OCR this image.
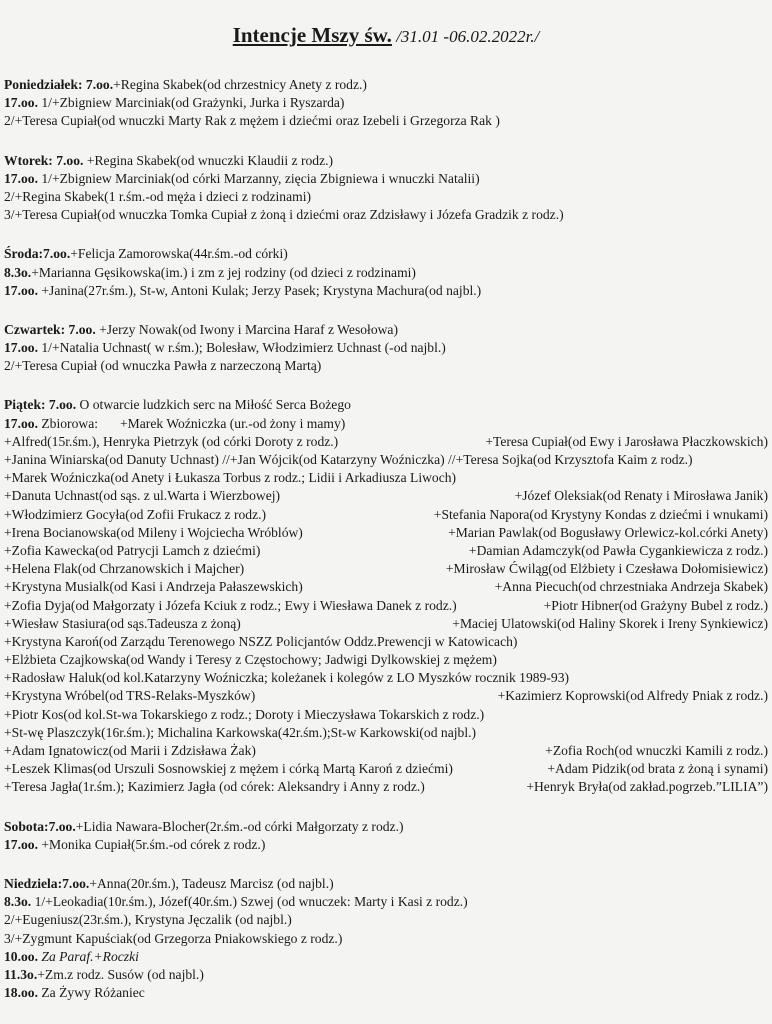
Intencje Mszy św. /31.01 -06.02.2022r./
Poniedziałek: 7.oo.+Regina Skabek(od chrzestnicy Anety z rodz.)
17.oo. 1/+Zbigniew Marciniak(od Grażynki, Jurka i Ryszarda)
2/+Teresa Cupiał(od wnuczki Marty Rak z mężem i dziećmi oraz Izebeli i Grzegorza Rak )
Wtorek: 7.oo. +Regina Skabek(od wnuczki Klaudii z rodz.)
17.oo. 1/+Zbigniew Marciniak(od córki Marzanny, zięcia Zbigniewa i wnuczki Natalii)
2/+Regina Skabek(1 r.śm.-od męża i dzieci z rodzinami)
3/+Teresa Cupiał(od wnuczka Tomka Cupiał z żoną i dziećmi oraz Zdzisławy i Józefa Gradzik z rodz.)
Środa:7.oo.+Felicja Zamorowska(44r.śm.-od córki)
8.3o.+Marianna Gęsikowska(im.) i zm z jej rodziny (od dzieci z rodzinami)
17.oo. +Janina(27r.śm.), St-w, Antoni Kulak; Jerzy Pasek; Krystyna Machura(od najbl.)
Czwartek: 7.oo. +Jerzy Nowak(od Iwony i Marcina Haraf z Wesołowa)
17.oo. 1/+Natalia Uchnast( w r.śm.); Bolesław, Włodzimierz Uchnast (-od najbl.)
2/+Teresa Cupiał (od wnuczka Pawła z narzeczoną Martą)
Piątek: 7.oo. O otwarcie ludzkich serc na Miłość Serca Bożego
17.oo. Zbiorowa: +Marek Woźniczka (ur.-od żony i mamy)
+Alfred(15r.śm.), Henryka Pietrzyk (od córki Doroty z rodz.)	+Teresa Cupiał(od Ewy i Jarosława Płaczkowskich)
+Janina Winiarska(od Danuty Uchnast) //+Jan Wójcik(od Katarzyny Woźniczka) //+Teresa Sojka(od Krzysztofa Kaim z rodz.)
+Marek Woźniczka(od Anety i Łukasza Torbus z rodz.; Lidii i Arkadiusza Liwoch)
+Danuta Uchnast(od sąs. z ul.Warta i Wierzbowej)	+Józef Oleksiak(od Renaty i Mirosława Janik)
+Włodzimierz Gocyła(od Zofii Frukacz z rodz.)	+Stefania Napora(od Krystyny Kondas z dziećmi i wnukami)
+Irena Bocianowska(od Mileny i Wojciecha Wróblów)	+Marian Pawlak(od Bogusławy Orlewicz-kol.córki Anety)
+Zofia Kawecka(od Patrycji Lamch z dziećmi)	+Damian Adamczyk(od Pawła Cygankiewicza z rodz.)
+Helena Flak(od Chrzanowskich i Majcher)	+Mirosław Ćwiląg(od Elżbiety i Czesława Dołomisiewicz)
+Krystyna Musialk(od Kasi i Andrzeja Pałaszewskich)	+Anna Piecuch(od chrzestniaka Andrzeja Skabek)
+Zofia Dyja(od Małgorzaty i Józefa Kciuk z rodz.; Ewy i Wiesława Danek z rodz.)	+Piotr Hibner(od Grażyny Bubel z rodz.)
+Wiesław Stasiura(od sąs.Tadeusza z żoną)	+Maciej Ulatowski(od Haliny Skorek i Ireny Synkiewicz)
+Krystyna Karoń(od Zarządu Terenowego NSZZ Policjantów Oddz.Prewencji w Katowicach)
+Elżbieta Czajkowska(od Wandy i Teresy z Częstochowy; Jadwigi Dylkowskiej z mężem)
+Radosław Haluk(od kol.Katarzyny Woźniczka; koleżanek i kolegów z LO Myszków rocznik 1989-93)
+Krystyna Wróbel(od TRS-Relaks-Myszków)	+Kazimierz Koprowski(od Alfredy Pniak z rodz.)
+Piotr Kos(od kol.St-wa Tokarskiego z rodz.; Doroty i Mieczysława Tokarskich z rodz.)
+St-wę Plaszczyk(16r.śm.); Michalina Karkowska(42r.śm.);St-w Karkowski(od najbl.)
+Adam Ignatowicz(od Marii i Zdzisława Żak)	+Zofia Roch(od wnuczki Kamili z rodz.)
+Leszek Klimas(od Urszuli Sosnowskiej z mężem i córką Martą Karoń z dziećmi)	+Adam Pidzik(od brata z żoną i synami)
+Teresa Jagła(1r.śm.); Kazimierz Jagła (od córek: Aleksandry i Anny z rodz.)	+Henryk Bryła(od zakład.pogrzeb.”LILIA”)
Sobota:7.oo.+Lidia Nawara-Blocher(2r.śm.-od córki Małgorzaty z rodz.)
17.oo. +Monika Cupiał(5r.śm.-od córek z rodz.)
Niedziela:7.oo.+Anna(20r.śm.), Tadeusz Marcisz (od najbl.)
8.3o. 1/+Leokadia(10r.śm.), Józef(40r.śm.) Szwej (od wnuczek: Marty i Kasi z rodz.)
2/+Eugeniusz(23r.śm.), Krystyna Jęczalik (od najbl.)
3/+Zygmunt Kapuściak(od Grzegorza Pniakowskiego z rodz.)
10.oo. Za Paraf.+Roczki
11.3o.+Zm.z rodz. Susów (od najbl.)
18.oo. Za Żywy Różaniec
